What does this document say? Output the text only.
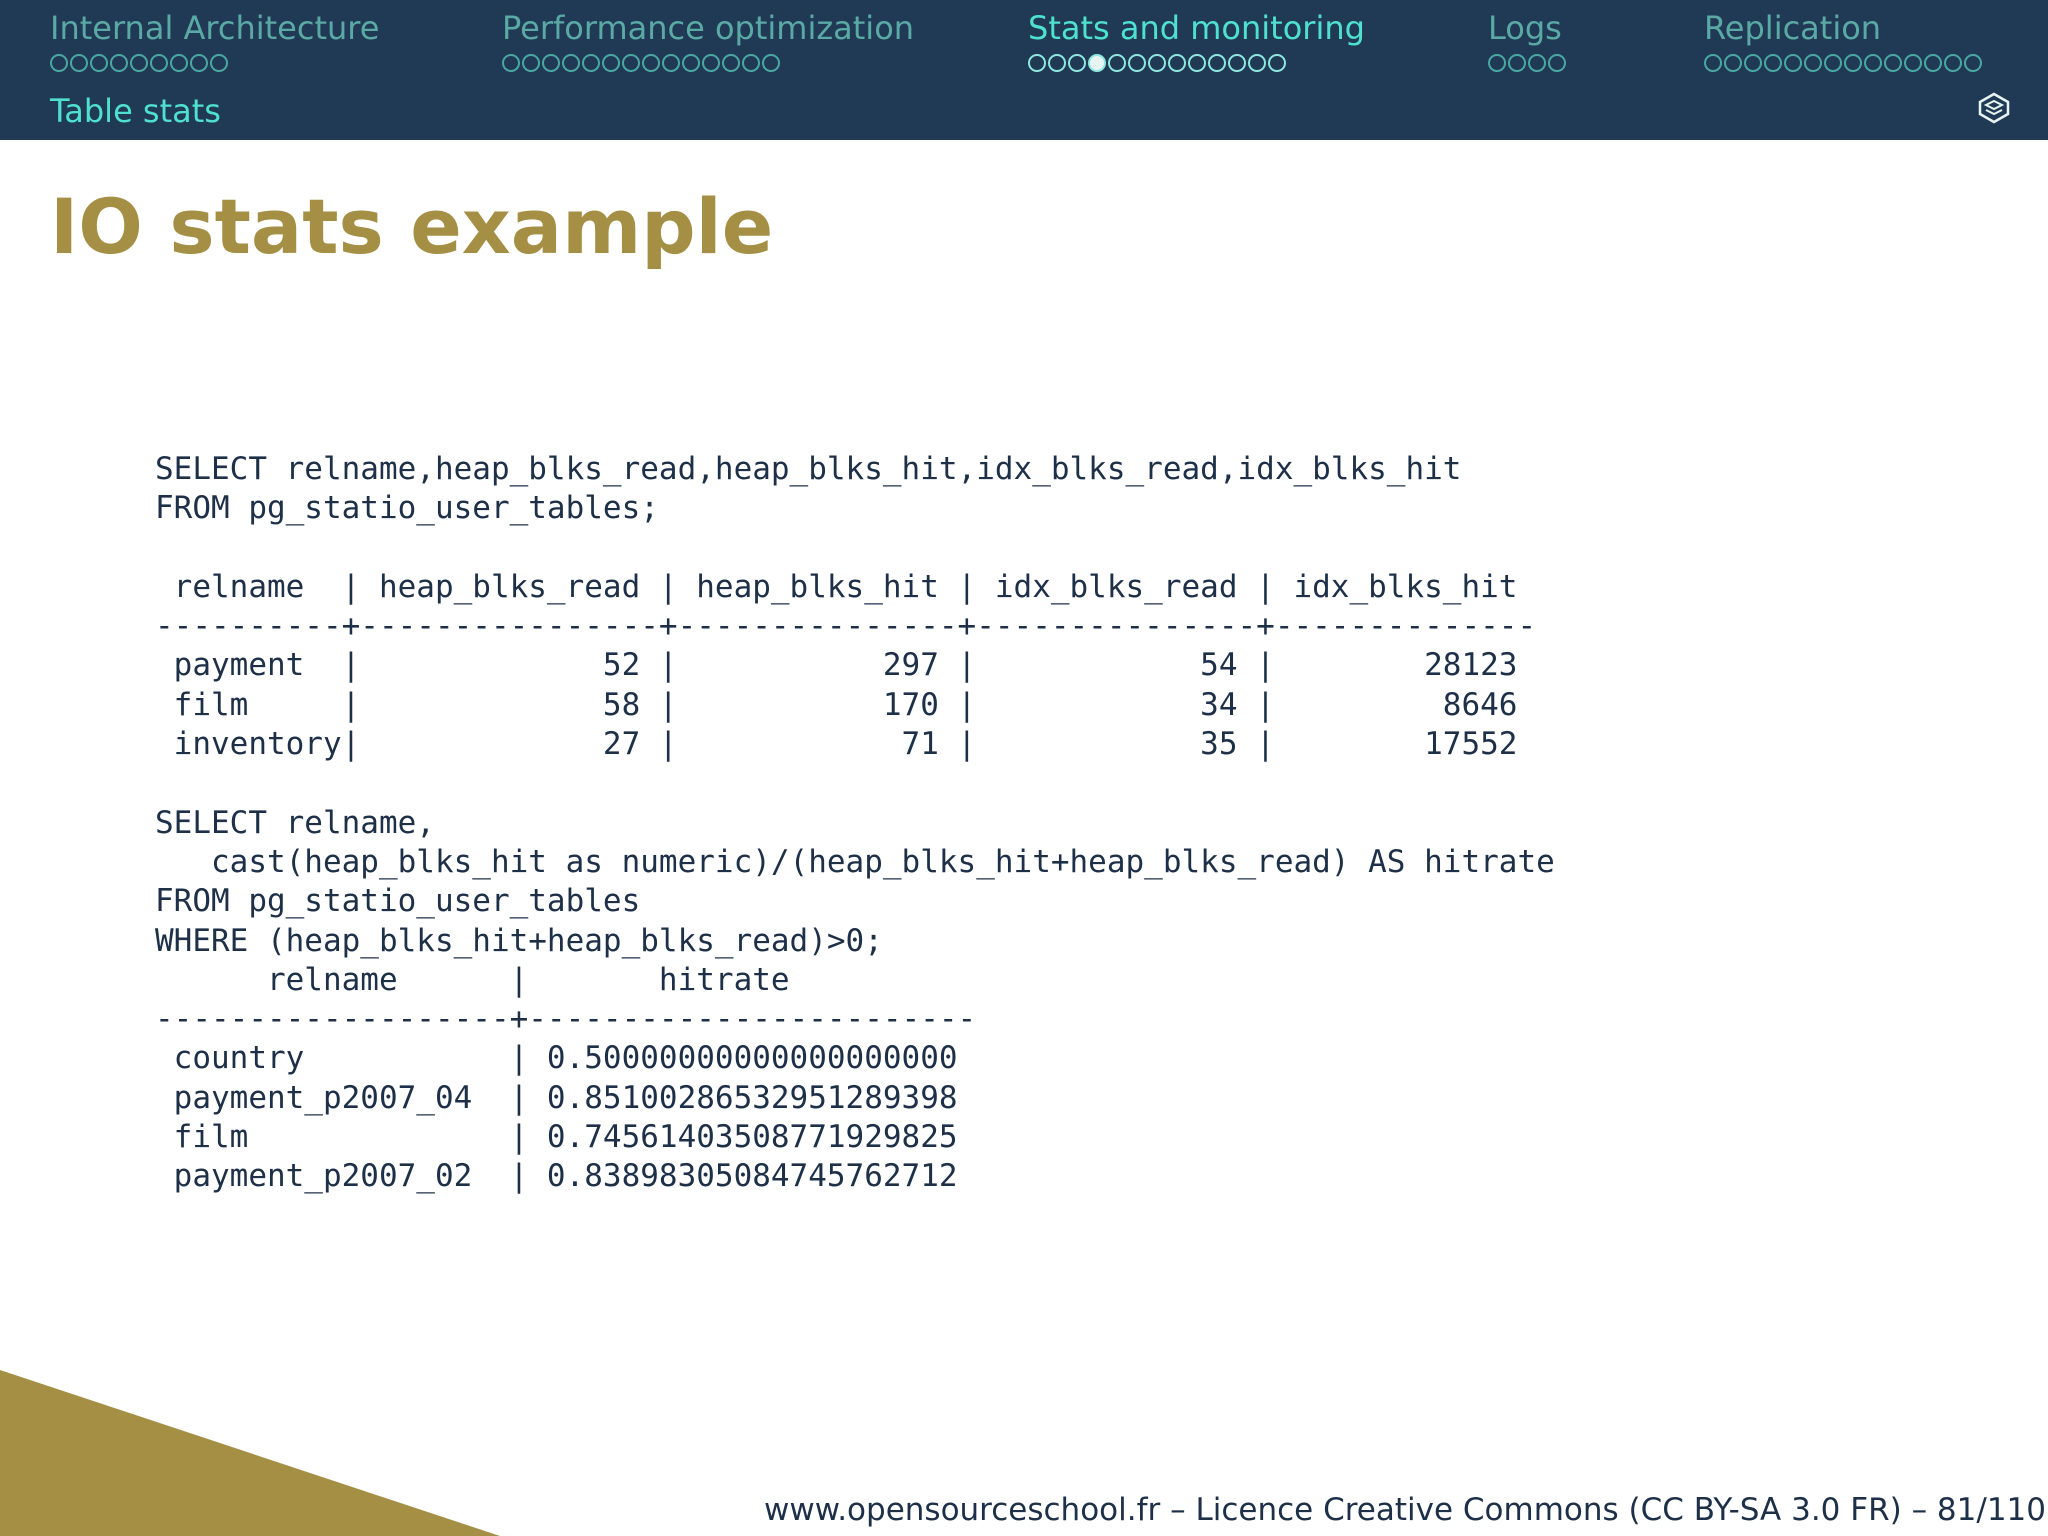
Internal Architecture	Performance optimization	Stats and monitoring	Logs	Replication
Table stats
IO stats example
SELECT relname,heap_blks_read,heap_blks_hit,idx_blks_read,idx_blks_hit
FROM pg_statio_user_tables;
relname  | heap_blks_read | heap_blks_hit | idx_blks_read | idx_blks_hit
----------+----------------+---------------+---------------+--------------
payment  |             52 |           297 |            54 |        28123
film     |             58 |           170 |            34 |         8646
inventory|             27 |            71 |            35 |        17552
SELECT relname,
cast(heap_blks_hit as numeric)/(heap_blks_hit+heap_blks_read) AS hitrate
FROM pg_statio_user_tables
WHERE (heap_blks_hit+heap_blks_read)>0;
relname      |       hitrate
-------------------+------------------------
country           | 0.50000000000000000000
payment_p2007_04  | 0.85100286532951289398
film              | 0.74561403508771929825
payment_p2007_02  | 0.83898305084745762712
www.opensourceschool.fr – Licence Creative Commons (CC BY-SA 3.0 FR) – 81/110
